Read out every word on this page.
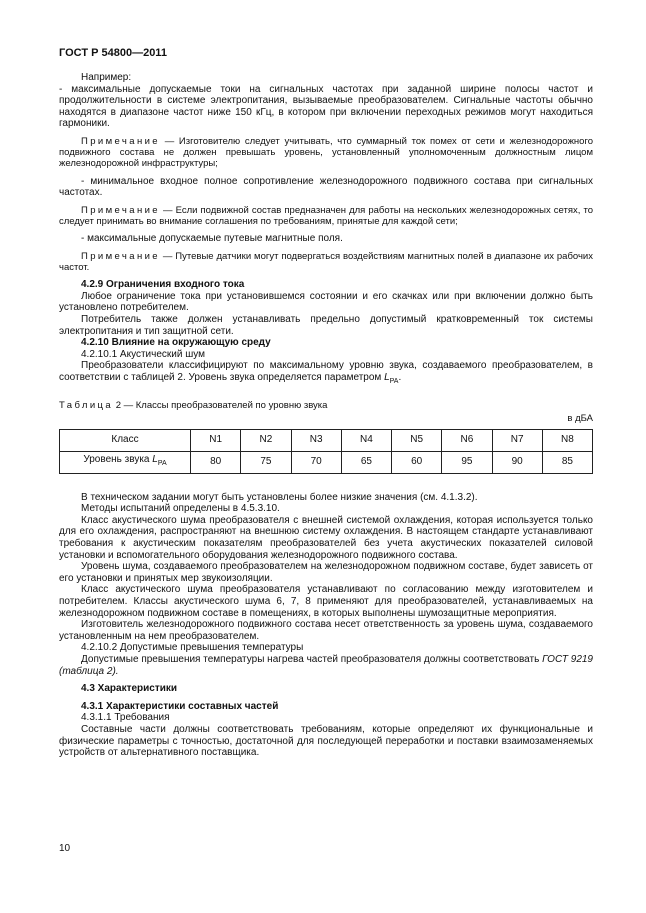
ГОСТ Р 54800—2011

Например:

- максимальные допускаемые токи на сигнальных частотах при заданной ширине полосы частот и продолжительности в системе электропитания, вызываемые преобразователем. Сигнальные частоты обычно находятся в диапазоне частот ниже 150 кГц, в котором при включении переходных режимов могут находиться гармоники.

Примечание — Изготовителю следует учитывать, что суммарный ток помех от сети и железнодорожного подвижного состава не должен превышать уровень, установленный уполномоченным должностным лицом железнодорожной инфраструктуры;

- минимальное входное полное сопротивление железнодорожного подвижного состава при сигнальных частотах.

Примечание — Если подвижной состав предназначен для работы на нескольких железнодорожных сетях, то следует принимать во внимание соглашения по требованиям, принятые для каждой сети;

- максимальные допускаемые путевые магнитные поля.

Примечание — Путевые датчики могут подвергаться воздействиям магнитных полей в диапазоне их рабочих частот.

4.2.9 Ограничения входного тока

Любое ограничение тока при установившемся состоянии и его скачках или при включении должно быть установлено потребителем.

Потребитель также должен устанавливать предельно допустимый кратковременный ток системы электропитания и тип защитной сети.

4.2.10 Влияние на окружающую среду

4.2.10.1 Акустический шум

Преобразователи классифицируют по максимальному уровню звука, создаваемого преобразователем, в соответствии с таблицей 2. Уровень звука определяется параметром $L_{PA}$.

Таблица 2 — Классы преобразователей по уровню звука

в дБА

Класс	N1	N2	N3	N4	N5	N6	N7	N8
Уровень звука $L_{PA}$	80	75	70	65	60	95	90	85

В техническом задании могут быть установлены более низкие значения (см. 4.1.3.2).

Методы испытаний определены в 4.5.3.10.

Класс акустического шума преобразователя с внешней системой охлаждения, которая используется только для его охлаждения, распространяют на внешнюю систему охлаждения. В настоящем стандарте устанавливают требования к акустическим показателям преобразователей без учета акустических показателей силовой установки и вспомогательного оборудования железнодорожного подвижного состава.

Уровень шума, создаваемого преобразователем на железнодорожном подвижном составе, будет зависеть от его установки и принятых мер звукоизоляции.

Класс акустического шума преобразователя устанавливают по согласованию между изготовителем и потребителем. Классы акустического шума 6, 7, 8 применяют для преобразователей, устанавливаемых на железнодорожном подвижном составе в помещениях, в которых выполнены шумозащитные мероприятия.

Изготовитель железнодорожного подвижного состава несет ответственность за уровень шума, создаваемого установленным на нем преобразователем.

4.2.10.2 Допустимые превышения температуры

Допустимые превышения температуры нагрева частей преобразователя должны соответствовать ГОСТ 9219 (таблица 2).

4.3 Характеристики

4.3.1 Характеристики составных частей

4.3.1.1 Требования

Составные части должны соответствовать требованиям, которые определяют их функциональные и физические параметры с точностью, достаточной для последующей переработки и поставки взаимозаменяемых устройств от альтернативного поставщика.

10
